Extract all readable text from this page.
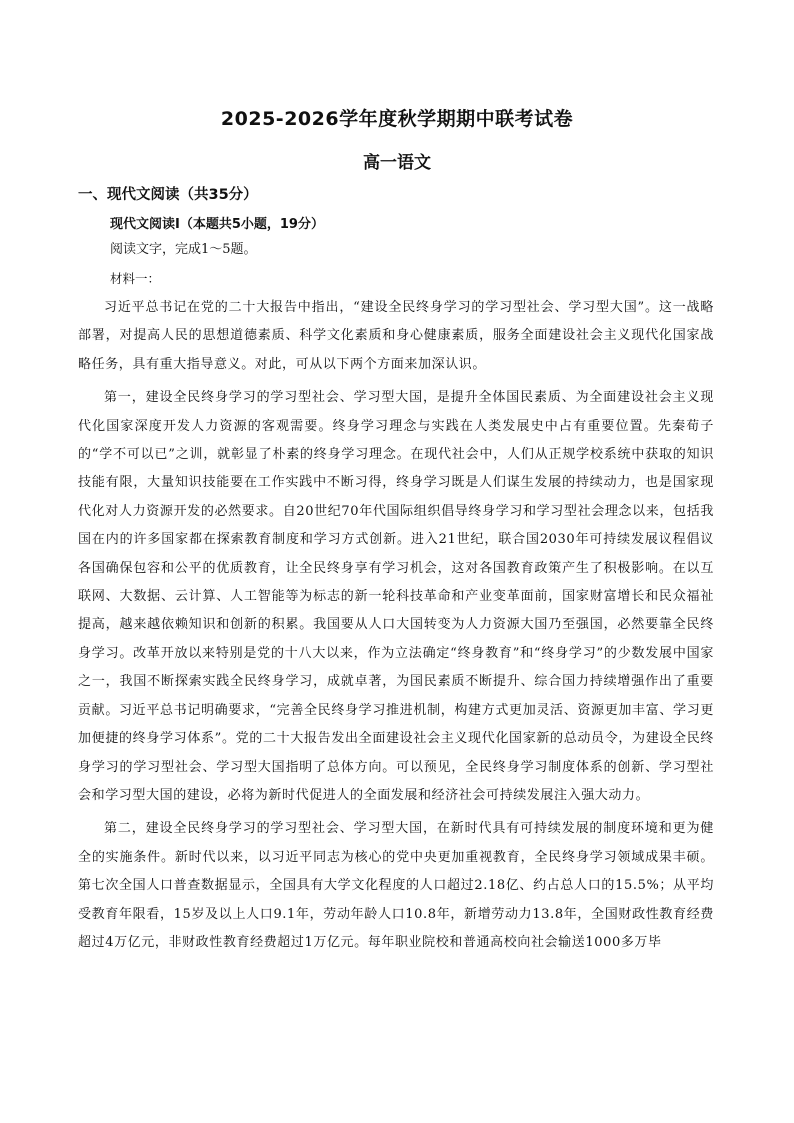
2025-2026学年度秋学期期中联考试卷
高一语文
一、现代文阅读（共35分）
现代文阅读Ⅰ（本题共5小题，19分）
阅读文字，完成1～5题。
材料一：

习近平总书记在党的二十大报告中指出，“建设全民终身学习的学习型社会、学习型大国”。这一战略部署，对提高人民的思想道德素质、科学文化素质和身心健康素质，服务全面建设社会主义现代化国家战略任务，具有重大指导意义。对此，可从以下两个方面来加深认识。

第一，建设全民终身学习的学习型社会、学习型大国，是提升全体国民素质、为全面建设社会主义现代化国家深度开发人力资源的客观需要。终身学习理念与实践在人类发展史中占有重要位置。先秦荀子的“学不可以已”之训，就彰显了朴素的终身学习理念。在现代社会中，人们从正规学校系统中获取的知识技能有限，大量知识技能要在工作实践中不断习得，终身学习既是人们谋生发展的持续动力，也是国家现代化对人力资源开发的必然要求。自20世纪70年代国际组织倡导终身学习和学习型社会理念以来，包括我国在内的许多国家都在探索教育制度和学习方式创新。进入21世纪，联合国2030年可持续发展议程倡议各国确保包容和公平的优质教育，让全民终身享有学习机会，这对各国教育政策产生了积极影响。在以互联网、大数据、云计算、人工智能等为标志的新一轮科技革命和产业变革面前，国家财富增长和民众福祉提高，越来越依赖知识和创新的积累。我国要从人口大国转变为人力资源大国乃至强国，必然要靠全民终身学习。改革开放以来特别是党的十八大以来，作为立法确定“终身教育”和“终身学习”的少数发展中国家之一，我国不断探索实践全民终身学习，成就卓著，为国民素质不断提升、综合国力持续增强作出了重要贡献。习近平总书记明确要求，“完善全民终身学习推进机制，构建方式更加灵活、资源更加丰富、学习更加便捷的终身学习体系”。党的二十大报告发出全面建设社会主义现代化国家新的总动员令，为建设全民终身学习的学习型社会、学习型大国指明了总体方向。可以预见，全民终身学习制度体系的创新、学习型社会和学习型大国的建设，必将为新时代促进人的全面发展和经济社会可持续发展注入强大动力。

第二，建设全民终身学习的学习型社会、学习型大国，在新时代具有可持续发展的制度环境和更为健全的实施条件。新时代以来，以习近平同志为核心的党中央更加重视教育，全民终身学习领域成果丰硕。第七次全国人口普查数据显示，全国具有大学文化程度的人口超过2.18亿、约占总人口的15.5%；从平均受教育年限看，15岁及以上人口9.1年，劳动年龄人口10.8年，新增劳动力13.8年，全国财政性教育经费超过4万亿元，非财政性教育经费超过1万亿元。每年职业院校和普通高校向社会输送1000多万毕
